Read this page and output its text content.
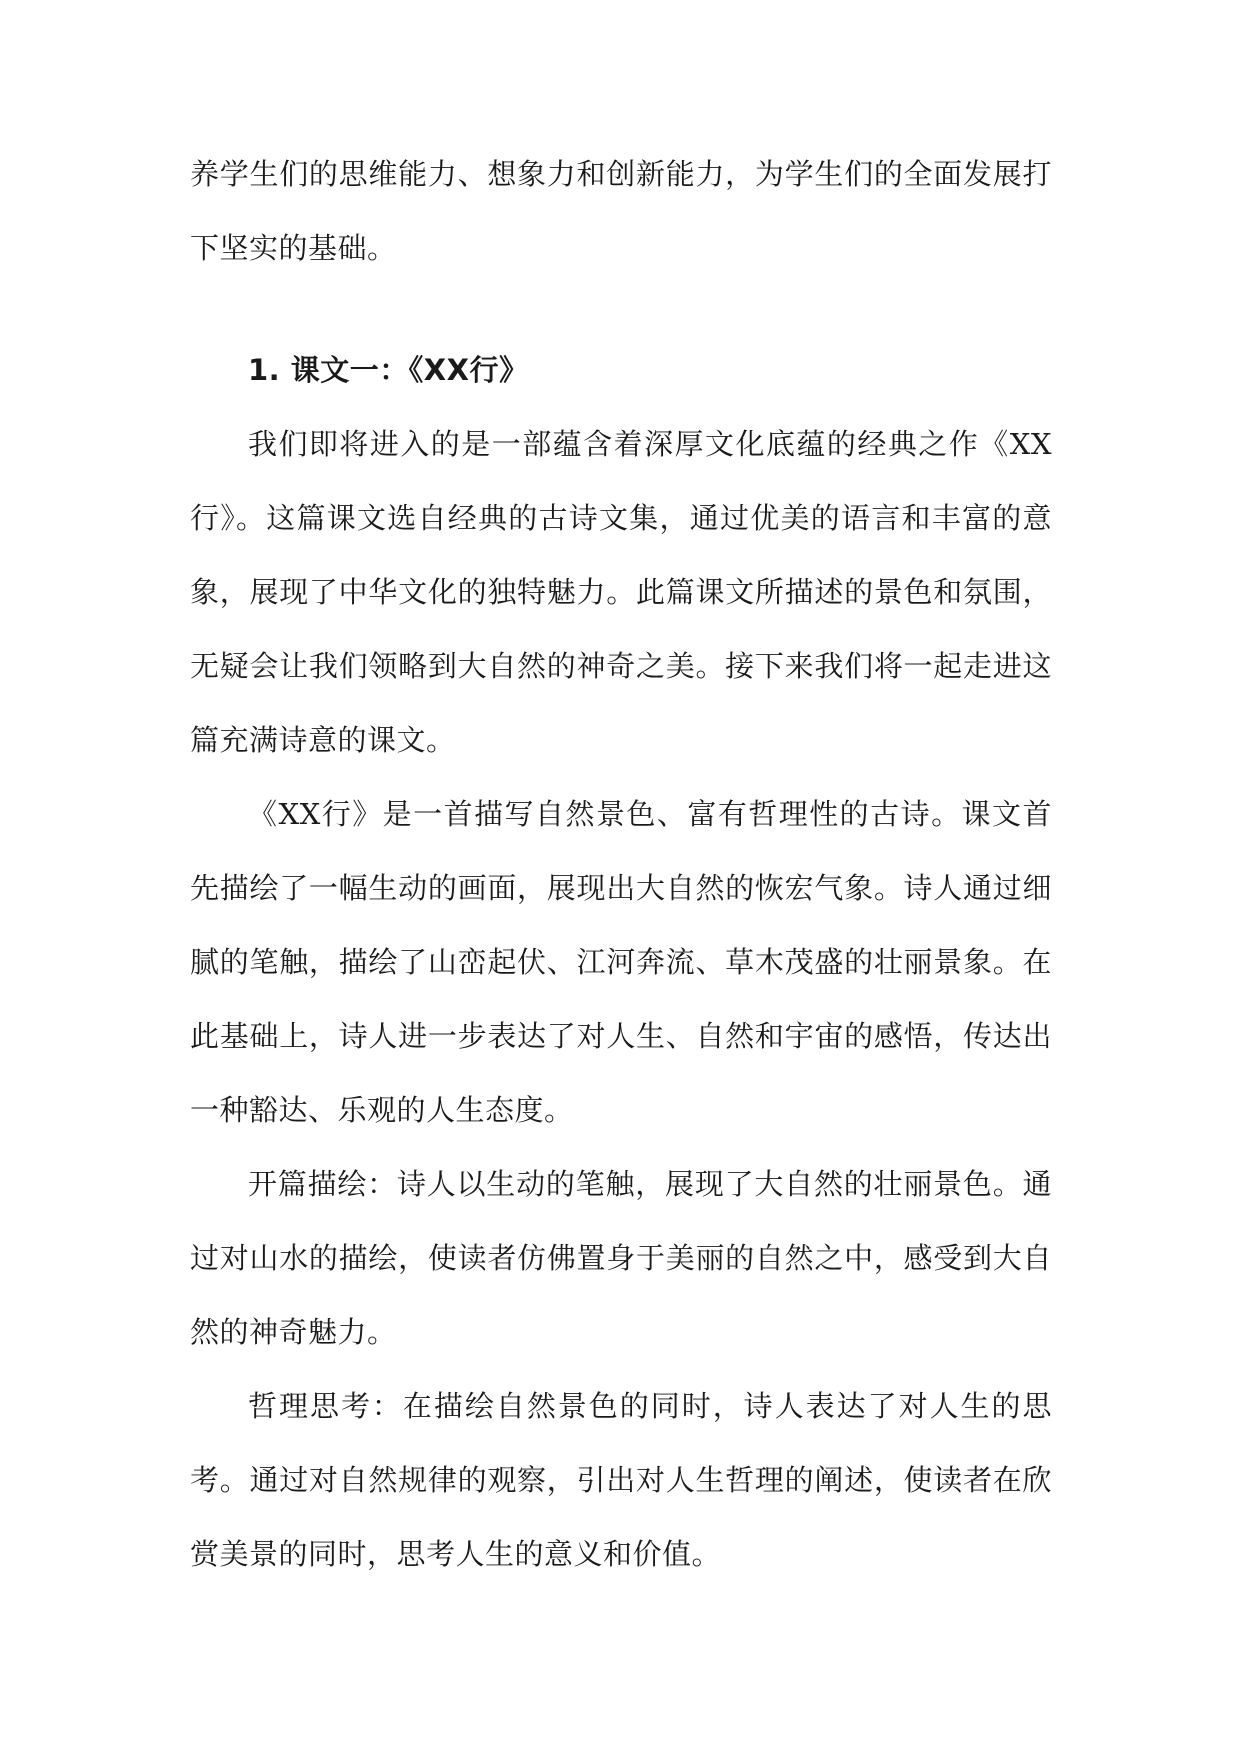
养学生们的思维能力、想象力和创新能力，为学生们的全面发展打下坚实的基础。

1. 课文一：《XX行》

我们即将进入的是一部蕴含着深厚文化底蕴的经典之作《XX行》。这篇课文选自经典的古诗文集，通过优美的语言和丰富的意象，展现了中华文化的独特魅力。此篇课文所描述的景色和氛围，无疑会让我们领略到大自然的神奇之美。接下来我们将一起走进这篇充满诗意的课文。

《XX行》是一首描写自然景色、富有哲理性的古诗。课文首先描绘了一幅生动的画面，展现出大自然的恢宏气象。诗人通过细腻的笔触，描绘了山峦起伏、江河奔流、草木茂盛的壮丽景象。在此基础上，诗人进一步表达了对人生、自然和宇宙的感悟，传达出一种豁达、乐观的人生态度。

开篇描绘：诗人以生动的笔触，展现了大自然的壮丽景色。通过对山水的描绘，使读者仿佛置身于美丽的自然之中，感受到大自然的神奇魅力。

哲理思考：在描绘自然景色的同时，诗人表达了对人生的思考。通过对自然规律的观察，引出对人生哲理的阐述，使读者在欣赏美景的同时，思考人生的意义和价值。
